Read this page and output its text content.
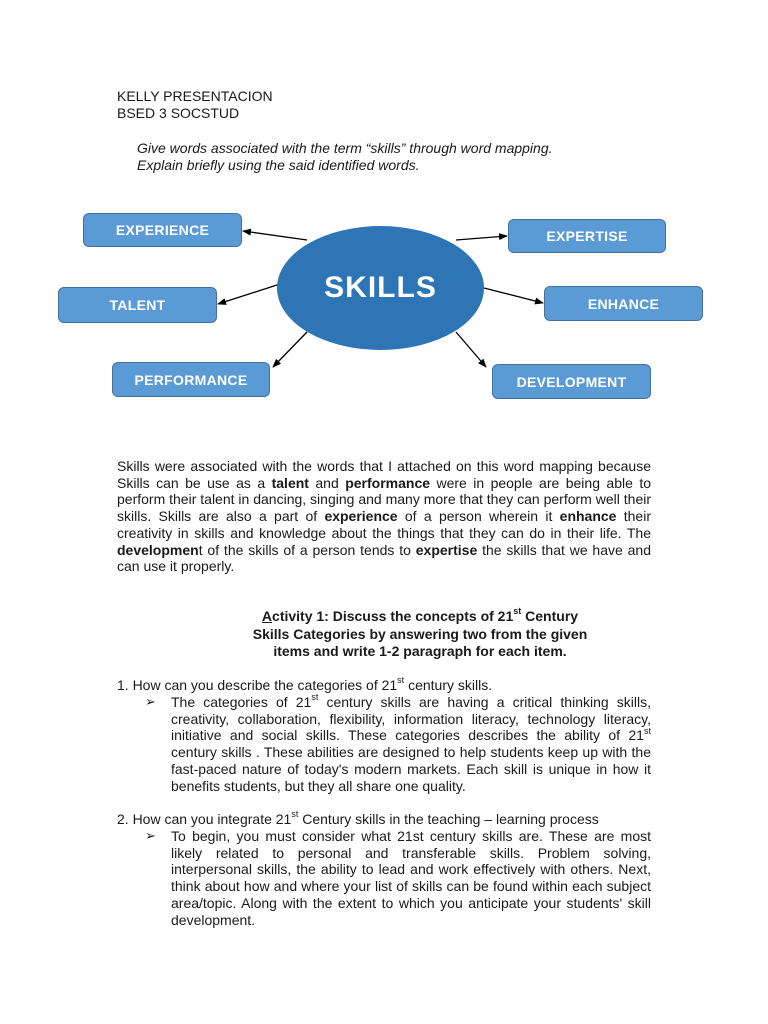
KELLY PRESENTACION
BSED 3 SOCSTUD
Give words associated with the term “skills” through word mapping.
Explain briefly using the said identified words.
SKILLS
EXPERIENCE	EXPERTISE
TALENT	ENHANCE
PERFORMANCE	DEVELOPMENT
Skills were associated with the words that I attached on this word mapping because Skills can be use as a talent and performance were in people are being able to perform their talent in dancing, singing and many more that they can perform well their skills. Skills are also a part of experience of a person wherein it enhance their creativity in skills and knowledge about the things that they can do in their life. The development of the skills of a person tends to expertise the skills that we have and can use it properly.
Activity 1: Discuss the concepts of 21st Century
Skills Categories by answering two from the given
items and write 1-2 paragraph for each item.
1. How can you describe the categories of 21st century skills.
➢ The categories of 21st century skills are having a critical thinking skills, creativity, collaboration, flexibility, information literacy, technology literacy, initiative and social skills. These categories describes the ability of 21st century skills . These abilities are designed to help students keep up with the fast-paced nature of today's modern markets. Each skill is unique in how it benefits students, but they all share one quality.
2. How can you integrate 21st Century skills in the teaching – learning process
➢ To begin, you must consider what 21st century skills are. These are most likely related to personal and transferable skills. Problem solving, interpersonal skills, the ability to lead and work effectively with others. Next, think about how and where your list of skills can be found within each subject area/topic. Along with the extent to which you anticipate your students' skill development.
